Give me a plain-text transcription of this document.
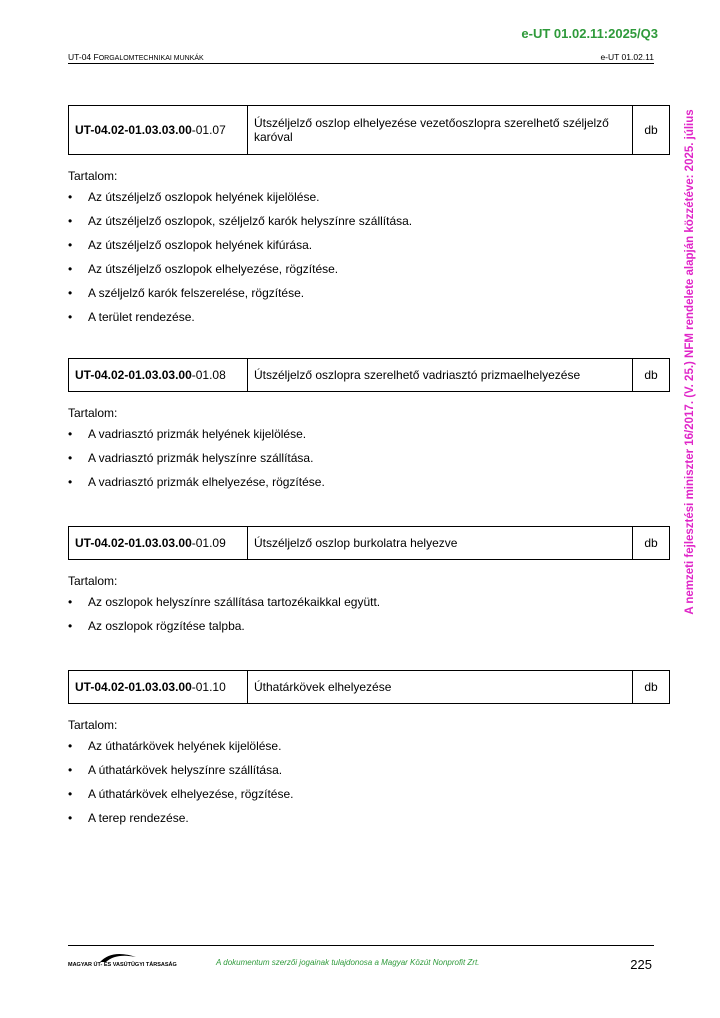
e-UT 01.02.11:2025/Q3
UT-04 FORGALOMTECHNIKAI MUNKÁK	e-UT 01.02.11
A nemzeti fejlesztési miniszter 16/2017. (V. 25.) NFM rendelete alapján közzétéve: 2025. július
UT-04.02-01.03.03.00-01.07	Útszéljelző oszlop elhelyezése vezetőoszlopra szerelhető széljelző karóval	db
Tartalom:
• Az útszéljelző oszlopok helyének kijelölése.
• Az útszéljelző oszlopok, széljelző karók helyszínre szállítása.
• Az útszéljelző oszlopok helyének kifúrása.
• Az útszéljelző oszlopok elhelyezése, rögzítése.
• A széljelző karók felszerelése, rögzítése.
• A terület rendezése.
UT-04.02-01.03.03.00-01.08	Útszéljelző oszlopra szerelhető vadriasztó prizmaelhelyezése	db
Tartalom:
• A vadriasztó prizmák helyének kijelölése.
• A vadriasztó prizmák helyszínre szállítása.
• A vadriasztó prizmák elhelyezése, rögzítése.
UT-04.02-01.03.03.00-01.09	Útszéljelző oszlop burkolatra helyezve	db
Tartalom:
• Az oszlopok helyszínre szállítása tartozékaikkal együtt.
• Az oszlopok rögzítése talpba.
UT-04.02-01.03.03.00-01.10	Úthatárkövek elhelyezése	db
Tartalom:
• Az úthatárkövek helyének kijelölése.
• A úthatárkövek helyszínre szállítása.
• A úthatárkövek elhelyezése, rögzítése.
• A terep rendezése.
MAGYAR ÚT- ÉS VASÚTÜGYI TÁRSASÁG	A dokumentum szerzői jogainak tulajdonosa a Magyar Közút Nonprofit Zrt.	225
